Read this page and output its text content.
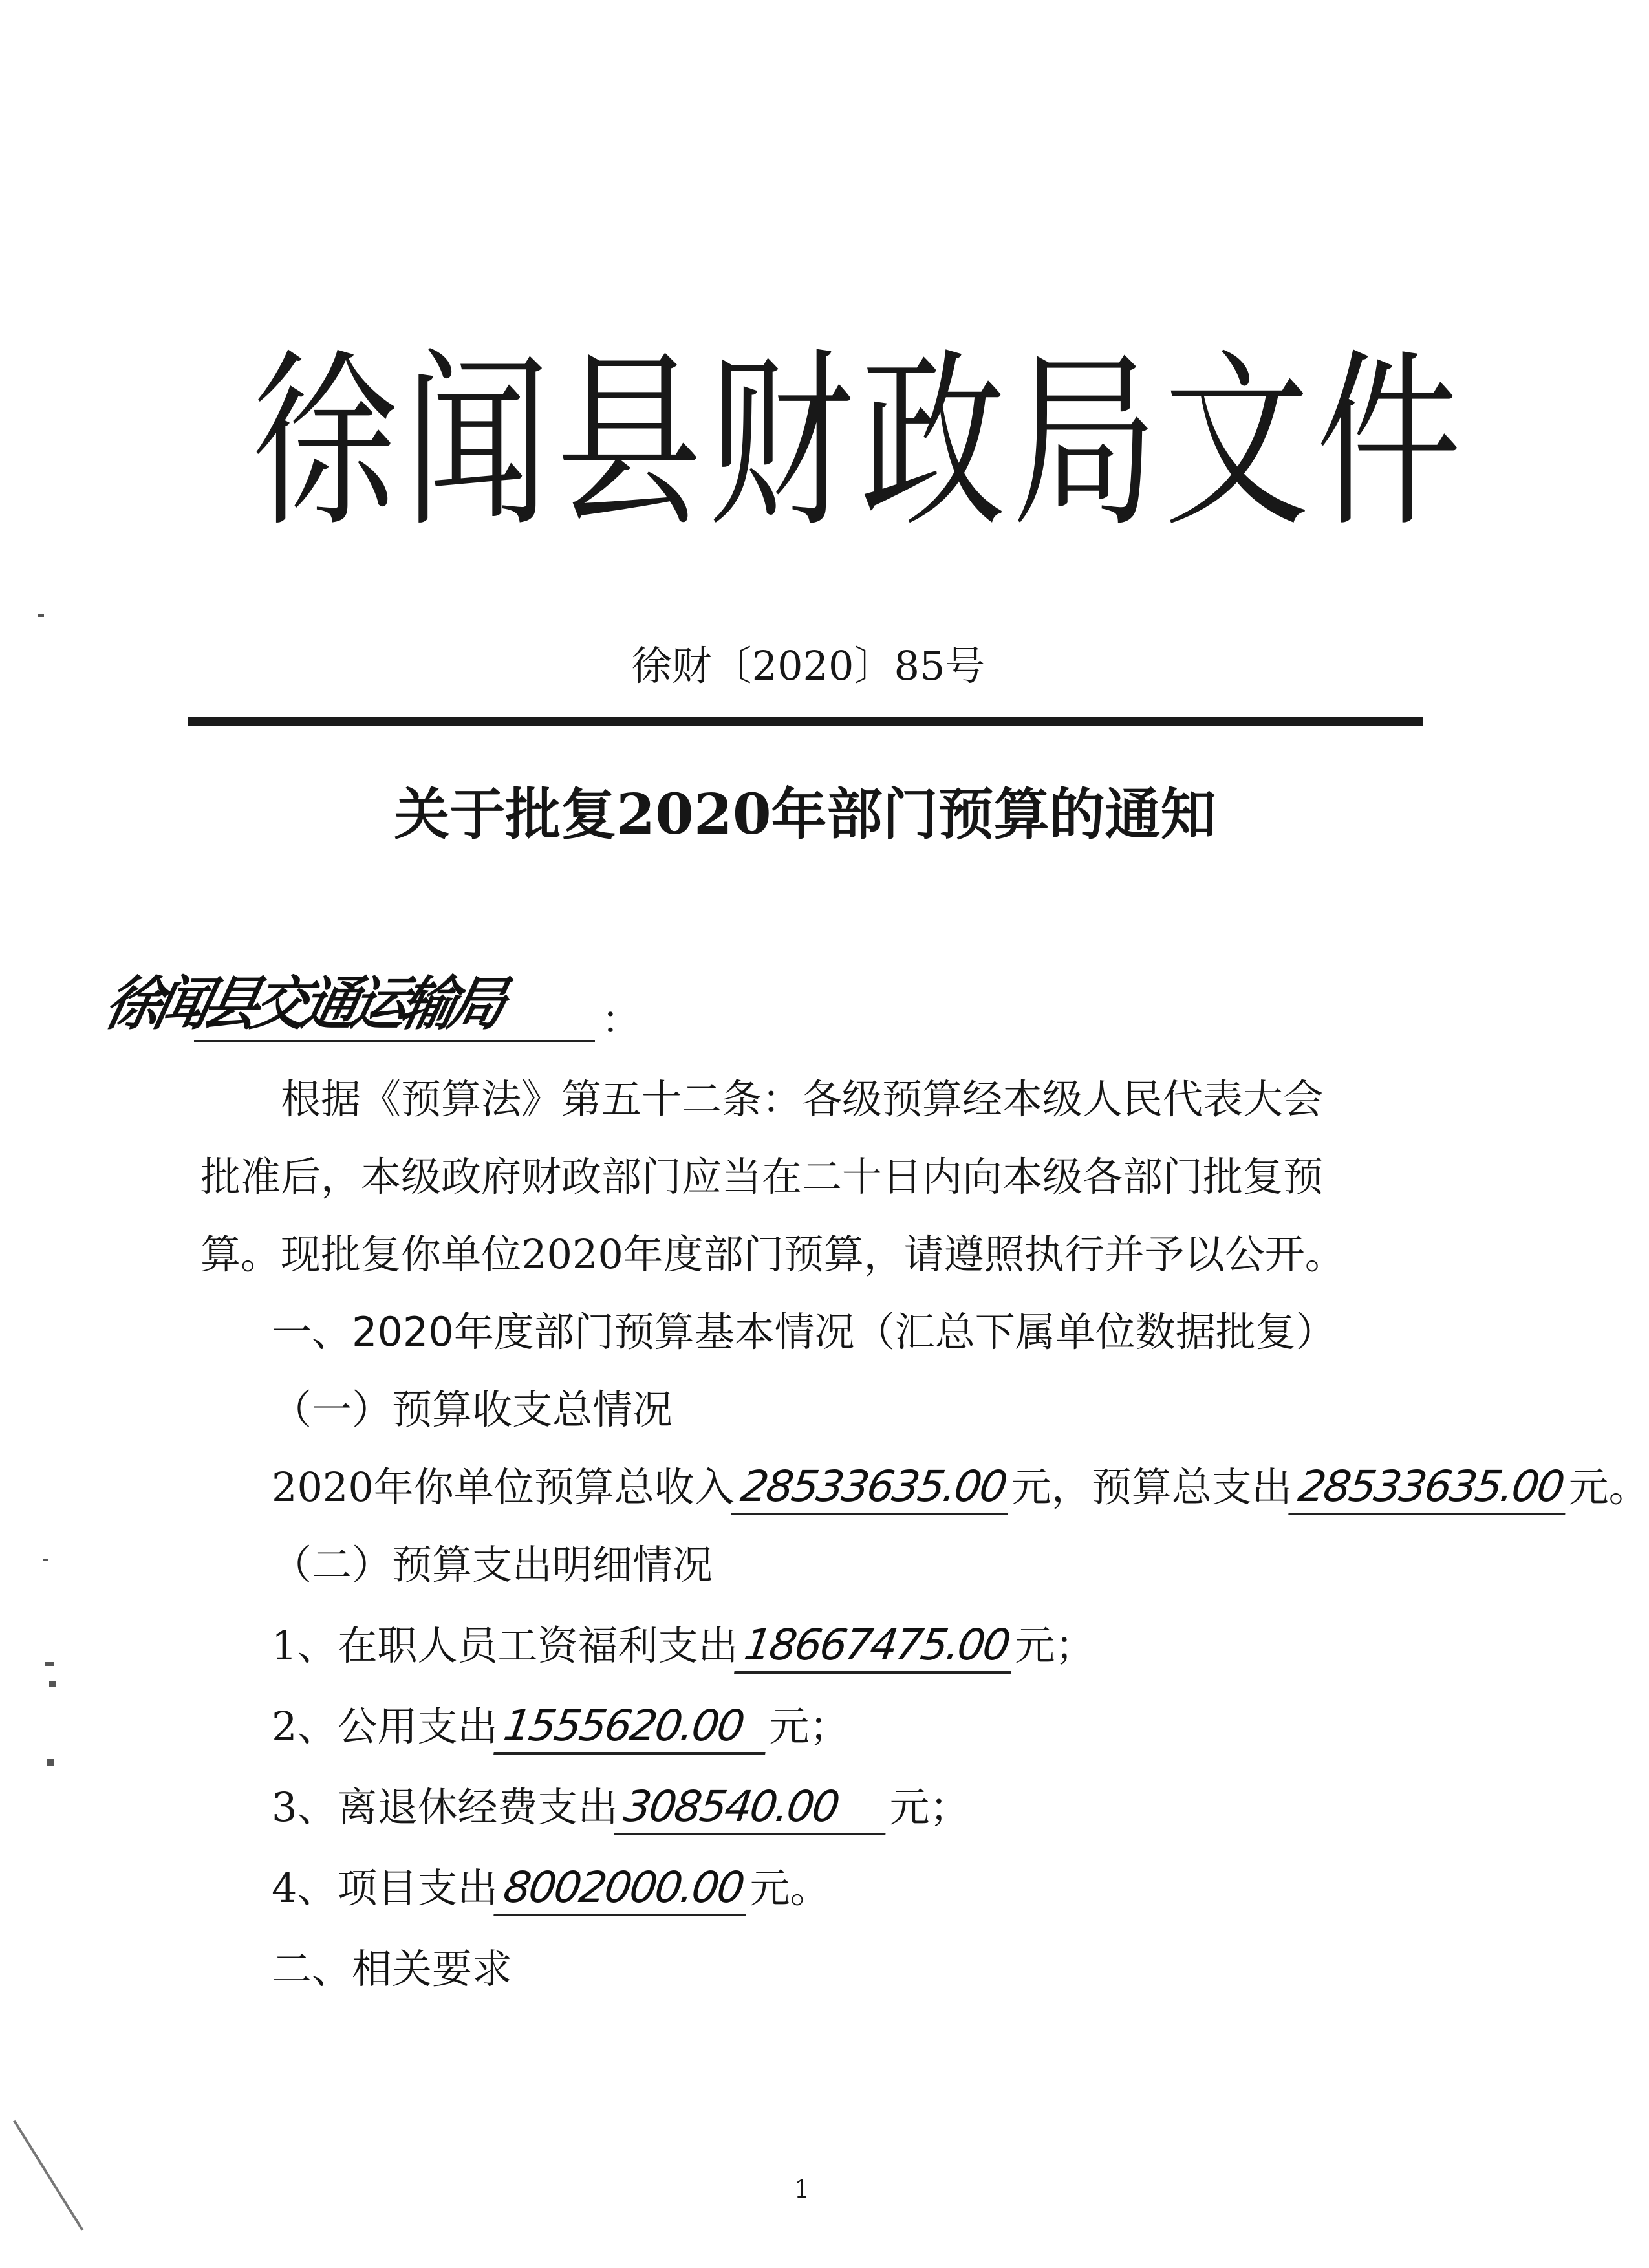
徐闻县财政局文件
徐财〔2020〕85号
关于批复2020年部门预算的通知
徐闻县交通运输局 ：
根据《预算法》第五十二条：各级预算经本级人民代表大会
批准后，本级政府财政部门应当在二十日内向本级各部门批复预
算。现批复你单位2020年度部门预算，请遵照执行并予以公开。
一、2020年度部门预算基本情况（汇总下属单位数据批复）
（一）预算收支总情况
2020年你单位预算总收入28533635.00元，预算总支出28533635.00元。
（二）预算支出明细情况
1、在职人员工资福利支出18667475.00元；
2、公用支出1555620.00 元；
3、离退休经费支出308540.00 元；
4、项目支出8002000.00元。
二、相关要求
1
